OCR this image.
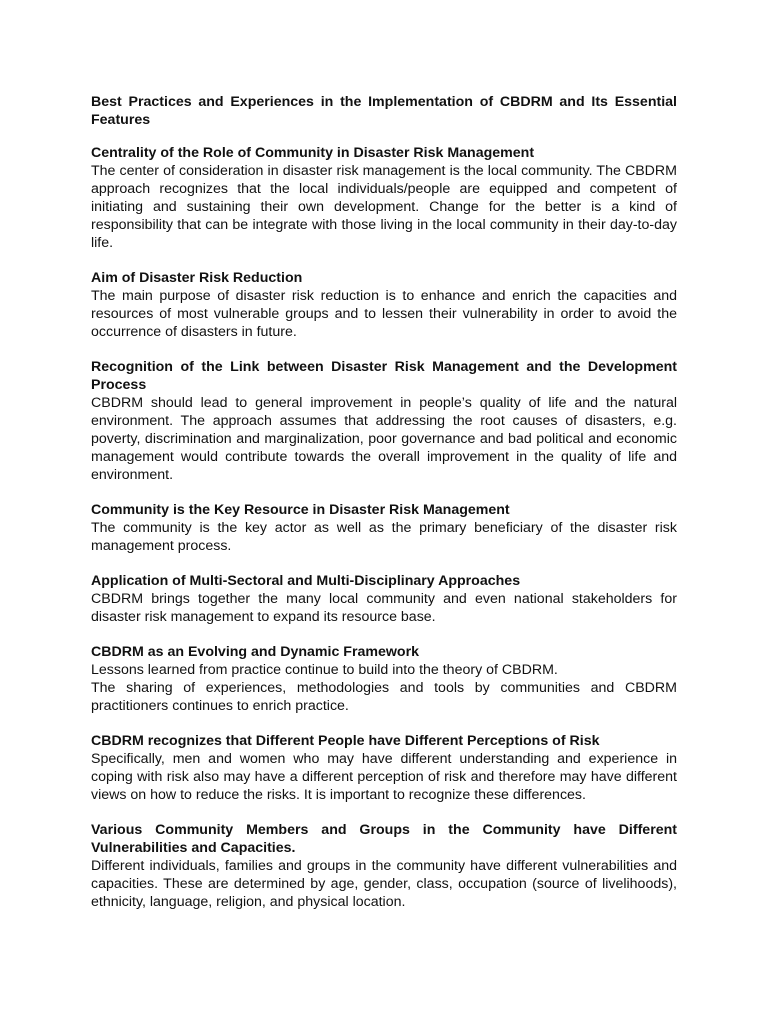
Best Practices and Experiences in the Implementation of CBDRM and Its Essential Features
Centrality of the Role of Community in Disaster Risk Management

The center of consideration in disaster risk management is the local community. The CBDRM approach recognizes that the local individuals/people are equipped and competent of initiating and sustaining their own development. Change for the better is a kind of responsibility that can be integrate with those living in the local community in their day-to-day life.

Aim of Disaster Risk Reduction

The main purpose of disaster risk reduction is to enhance and enrich the capacities and resources of most vulnerable groups and to lessen their vulnerability in order to avoid the occurrence of disasters in future.

Recognition of the Link between Disaster Risk Management and the Development Process

CBDRM should lead to general improvement in people’s quality of life and the natural environment. The approach assumes that addressing the root causes of disasters, e.g. poverty, discrimination and marginalization, poor governance and bad political and economic management would contribute towards the overall improvement in the quality of life and environment.

Community is the Key Resource in Disaster Risk Management

The community is the key actor as well as the primary beneficiary of the disaster risk management process.

Application of Multi-Sectoral and Multi-Disciplinary Approaches

CBDRM brings together the many local community and even national stakeholders for disaster risk management to expand its resource base.

CBDRM as an Evolving and Dynamic Framework

Lessons learned from practice continue to build into the theory of CBDRM.

The sharing of experiences, methodologies and tools by communities and CBDRM practitioners continues to enrich practice.

CBDRM recognizes that Different People have Different Perceptions of Risk

Specifically, men and women who may have different understanding and experience in coping with risk also may have a different perception of risk and therefore may have different views on how to reduce the risks. It is important to recognize these differences.

Various Community Members and Groups in the Community have Different Vulnerabilities and Capacities.

Different individuals, families and groups in the community have different vulnerabilities and capacities. These are determined by age, gender, class, occupation (source of livelihoods), ethnicity, language, religion, and physical location.
